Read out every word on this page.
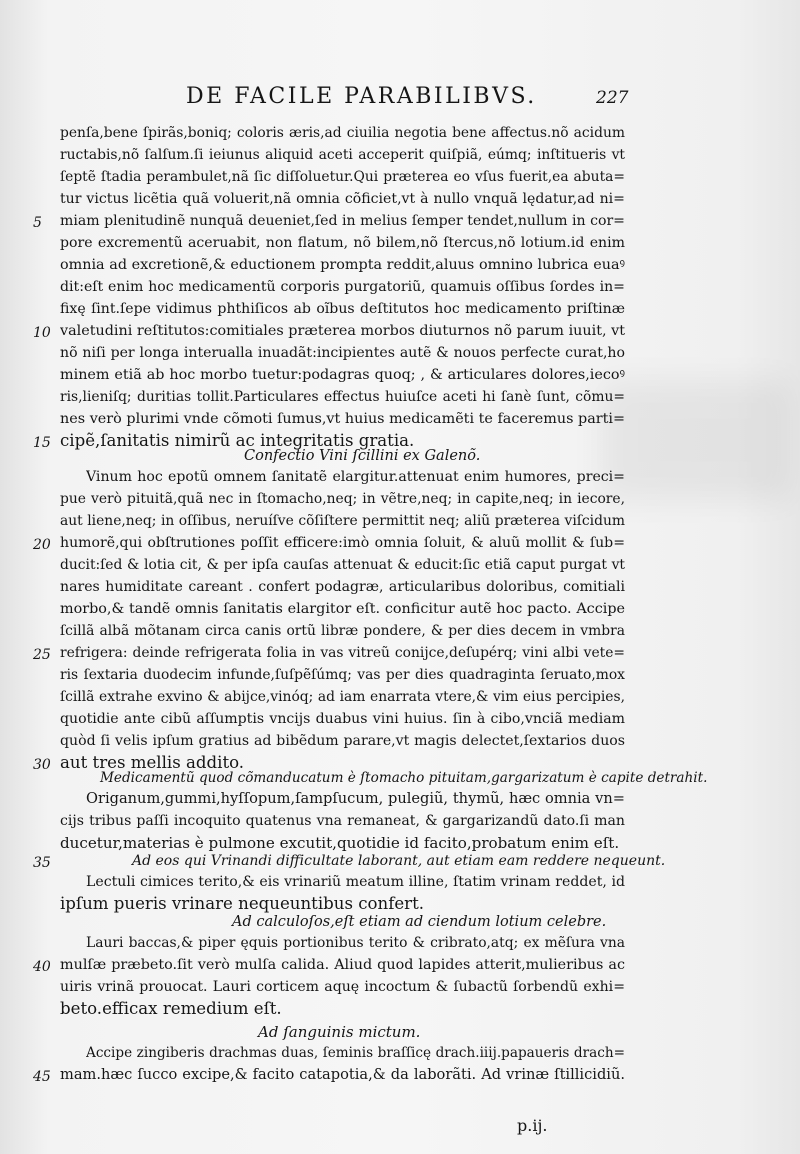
DE FACILE PARABILIBVS.	227
penſa,bene ſpirãs,boniq; coloris æris,ad ciuilia negotia bene affectus.nõ acidum
ructabis,nõ ſalſum.ſi ieiunus aliquid aceti acceperit quiſpiã, eúmq; inſtitueris vt
ſeptẽ ſtadia perambulet,nã ſic diſſoluetur.Qui præterea eo vſus fuerit,ea abuta=
tur victus licẽtia quã voluerit,nã omnia cõficiet,vt à nullo vnquã lędatur,ad ni=
miam plenitudinẽ nunquã deueniet,ſed in melius ſemper tendet,nullum in cor=
pore excrementũ aceruabit, non flatum, nõ bilem,nõ ſtercus,nõ lotium.id enim
omnia ad excretionẽ,& eductionem prompta reddit,aluus omnino lubrica euaꝰ
dit:eſt enim hoc medicamentũ corporis purgatoriũ, quamuis oſſibus ſordes in=
fixę ſint.ſepe vidimus phthiſicos ab oĩbus deſtitutos hoc medicamento priſtinæ
valetudini reſtitutos:comitiales præterea morbos diuturnos nõ parum iuuit, vt
nõ niſi per longa interualla inuadãt:incipientes autẽ & nouos perfecte curat,ho
minem etiã ab hoc morbo tuetur:podagras quoq; , & articulares dolores,iecoꝰ
ris,lieniſq; duritias tollit.Particulares effectus huiuſce aceti hi ſanè ſunt, cõmu=
nes verò plurimi vnde cõmoti ſumus,vt huius medicamẽti te faceremus parti=
cipẽ,ſanitatis nimirũ ac integritatis gratia.
Confectio Vini ſcillini ex Galenõ.
Vinum hoc epotũ omnem ſanitatẽ elargitur.attenuat enim humores, preci=
pue verò pituitã,quã nec in ſtomacho,neq; in vẽtre,neq; in capite,neq; in iecore,
aut liene,neq; in oſſibus, neruíſve cõſiſtere permittit neq; aliũ præterea viſcidum
humorẽ,qui obſtrutiones poſſit efficere:imò omnia ſoluit, & aluũ mollit & ſub=
ducit:ſed & lotia cit, & per ipſa cauſas attenuat & educit:ſic etiã caput purgat vt
nares humiditate careant . confert podagræ, articularibus doloribus, comitiali
morbo,& tandẽ omnis ſanitatis elargitor eſt. conficitur autẽ hoc pacto. Accipe
ſcillã albã mõtanam circa canis ortũ libræ pondere, & per dies decem in vmbra
refrigera: deinde refrigerata folia in vas vitreũ conijce,deſupérq; vini albi vete=
ris ſextaria duodecim infunde,ſuſpẽſúmq; vas per dies quadraginta ſeruato,mox
ſcillã extrahe exvino & abijce,vinóq; ad iam enarrata vtere,& vim eius percipies,
quotidie ante cibũ aſſumptis vncijs duabus vini huius. ſin à cibo,vnciã mediam
quòd ſi velis ipſum gratius ad bibẽdum parare,vt magis delectet,ſextarios duos
aut tres mellis addito.
Medicamentũ quod cõmanducatum è ſtomacho pituitam,gargarizatum è capite detrahit.
Origanum,gummi,hyſſopum,ſampſucum, pulegiũ, thymũ, hæc omnia vn=
cijs tribus paſſi incoquito quatenus vna remaneat, & gargarizandũ dato.ſi man
ducetur,materias è pulmone excutit,quotidie id facito,probatum enim eſt.
Ad eos qui Vrinandi difficultate laborant, aut etiam eam reddere nequeunt.
Lectuli cimices terito,& eis vrinariũ meatum illine, ſtatim vrinam reddet, id
ipſum pueris vrinare nequeuntibus confert.
Ad calculoſos,eſt etiam ad ciendum lotium celebre.
Lauri baccas,& piper ęquis portionibus terito & cribrato,atq; ex mẽſura vna
mulſæ præbeto.ſit verò mulſa calida. Aliud quod lapides atterit,mulieribus ac
uiris vrinã prouocat. Lauri corticem aquę incoctum & ſubactũ ſorbendũ exhi=
beto.efficax remedium eſt.
Ad ſanguinis mictum.
Accipe zingiberis drachmas duas, ſeminis braſſicę drach.iiij.papaueris drach=
mam.hæc ſucco excipe,& facito catapotia,& da laborãti. Ad vrinæ ſtillicidiũ.
5
10
15
20
25
30
35
40
45
p.ij.
